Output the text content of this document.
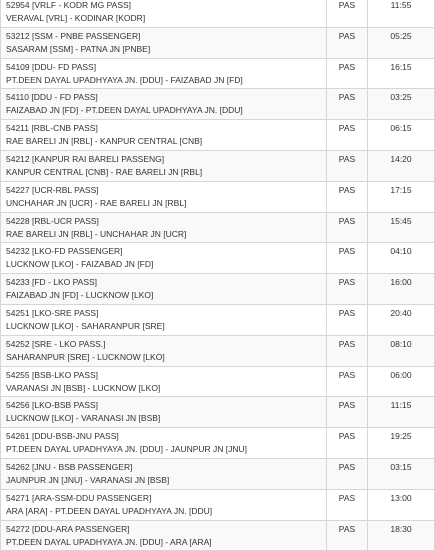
52954 [VRLF - KODR MG PASS]
VERAVAL [VRL] - KODINAR [KODR]
PAS	11:55
53212 [SSM - PNBE PASSENGER]
SASARAM [SSM] - PATNA JN [PNBE]
PAS	05:25
54109 [DDU- FD PASS]
PT.DEEN DAYAL UPADHYAYA JN. [DDU] - FAIZABAD JN [FD]
PAS	16:15
54110 [DDU - FD PASS]
FAIZABAD JN [FD] - PT.DEEN DAYAL UPADHYAYA JN. [DDU]
PAS	03:25
54211 [RBL-CNB PASS]
RAE BARELI JN [RBL] - KANPUR CENTRAL [CNB]
PAS	06:15
54212 [KANPUR RAI BARELI PASSENG]
KANPUR CENTRAL [CNB] - RAE BARELI JN [RBL]
PAS	14:20
54227 [UCR-RBL PASS]
UNCHAHAR JN [UCR] - RAE BARELI JN [RBL]
PAS	17:15
54228 [RBL-UCR PASS]
RAE BARELI JN [RBL] - UNCHAHAR JN [UCR]
PAS	15:45
54232 [LKO-FD PASSENGER]
LUCKNOW [LKO] - FAIZABAD JN [FD]
PAS	04:10
54233 [FD - LKO PASS]
FAIZABAD JN [FD] - LUCKNOW [LKO]
PAS	16:00
54251 [LKO-SRE PASS]
LUCKNOW [LKO] - SAHARANPUR [SRE]
PAS	20:40
54252 [SRE - LKO PASS.]
SAHARANPUR [SRE] - LUCKNOW [LKO]
PAS	08:10
54255 [BSB-LKO PASS]
VARANASI JN [BSB] - LUCKNOW [LKO]
PAS	06:00
54256 [LKO-BSB PASS]
LUCKNOW [LKO] - VARANASI JN [BSB]
PAS	11:15
54261 [DDU-BSB-JNU PASS]
PT.DEEN DAYAL UPADHYAYA JN. [DDU] - JAUNPUR JN [JNU]
PAS	19:25
54262 [JNU - BSB PASSENGER]
JAUNPUR JN [JNU] - VARANASI JN [BSB]
PAS	03:15
54271 [ARA-SSM-DDU PASSENGER]
ARA [ARA] - PT.DEEN DAYAL UPADHYAYA JN. [DDU]
PAS	13:00
54272 [DDU-ARA PASSENGER]
PT.DEEN DAYAL UPADHYAYA JN. [DDU] - ARA [ARA]
PAS	18:30
